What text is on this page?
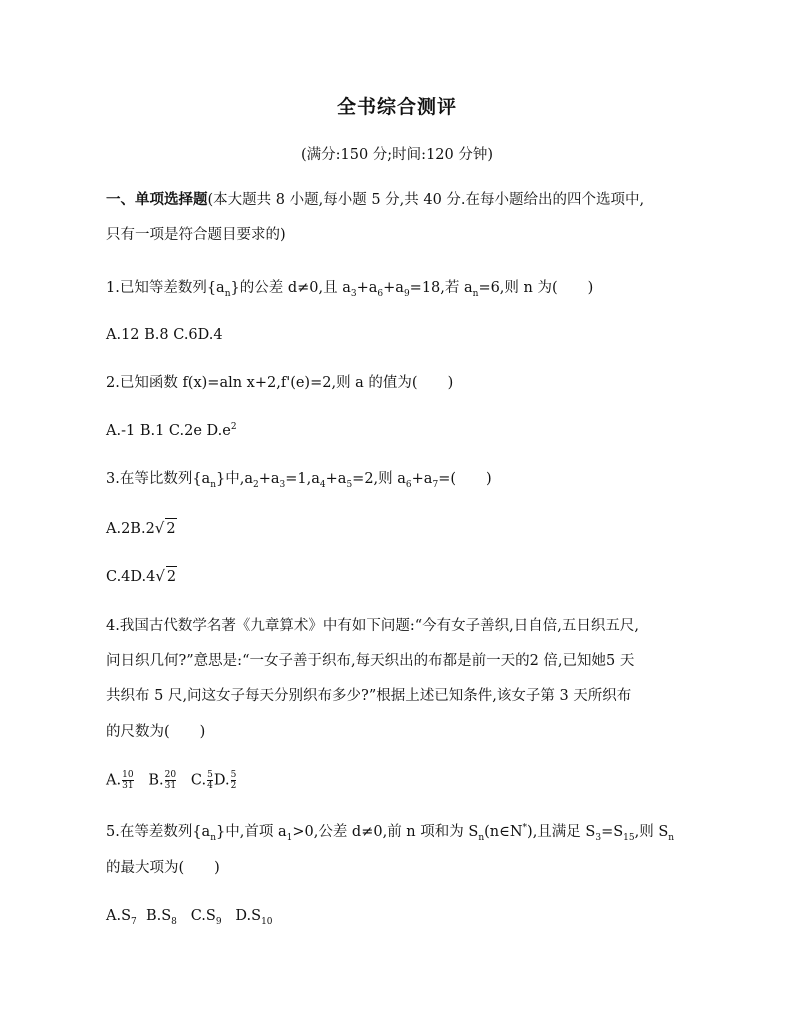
全书综合测评
(满分:150 分;时间:120 分钟)
一、单项选择题(本大题共 8 小题,每小题 5 分,共 40 分.在每小题给出的四个选项中,
只有一项是符合题目要求的)
1.已知等差数列$\{a_n\}$的公差 d≠0,且 $a_3+a_6+a_9=18$,若 $a_n=6$,则 n 为( )
A.12 B.8 C.6D.4
2.已知函数 f(x)=aln x+2,f'(e)=2,则 a 的值为( )
A.-1 B.1 C.2e $D.e^2$
3.在等比数列$\{a_n\}$中$,a_2+a_3=1,a_4+a_5=2$,则 $a_6+a_7=$( )
A.2B.2√ 2
C.4D.4√ 2
4.我国古代数学名著《九章算术》中有如下问题:“今有女子善织,日自倍,五日织五尺,
问日织几何?”意思是:“一女子善于织布,每天织出的布都是前一天的2 倍,已知她5 天
共织布 5 尺,问这女子每天分别织布多少?”根据上述已知条件,该女子第 3 天所织布
的尺数为( )
A. $\frac{10}{31} B$. $\frac{20}{31} C$. $\frac{5}{4} D$. $\frac{5}{2}$
5.在等差数列$\{a_n\}$中,首项 $a_1>0$,公差 d≠0,前 n 项和为 $S_n(n\in N^*)$,且满足 $S_3=S_{15}$,则 $S_n$
的最大项为( )
$A.S_7$ $B.S_8$ $C.S_9$ $D.S_{10}$
